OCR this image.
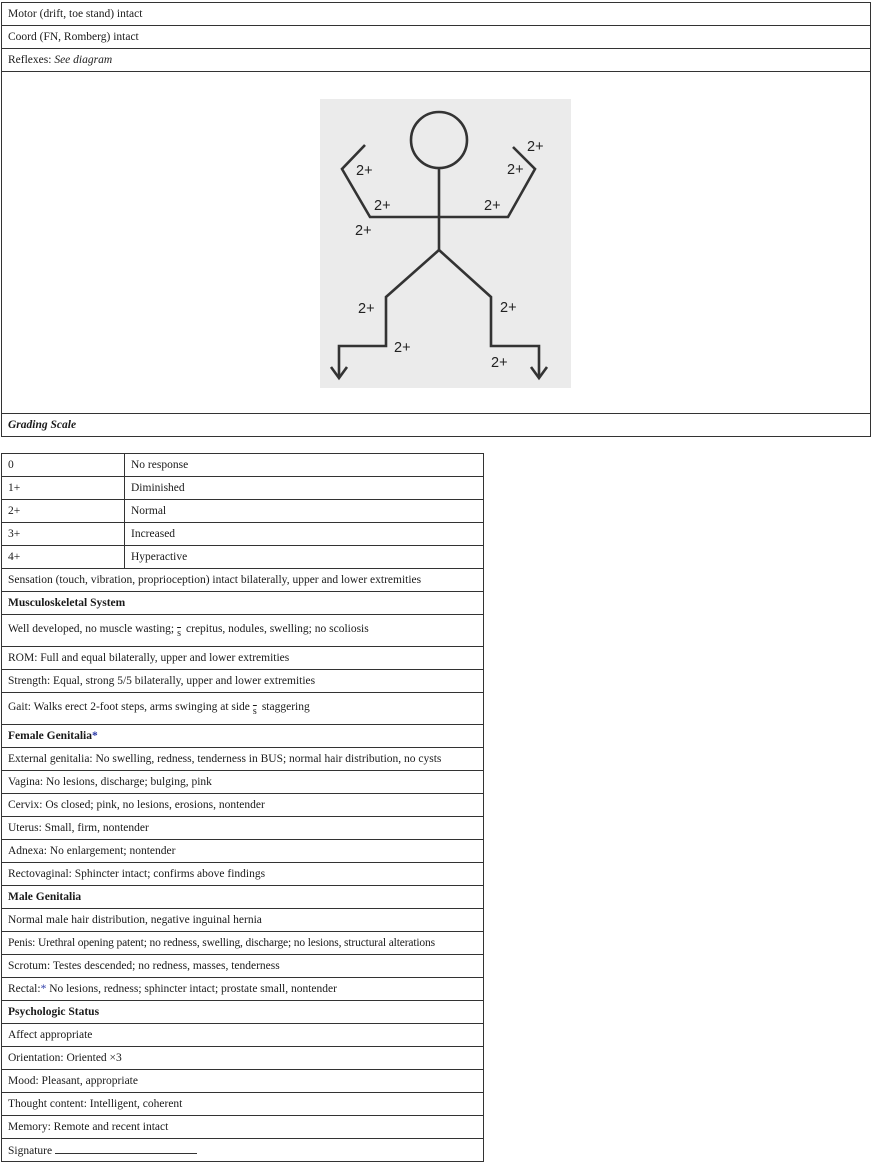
Motor (drift, toe stand) intact
Coord (FN, Romberg) intact
Reflexes: See diagram

Grading Scale
2+
2+
2+
2+
2+
2+
2+
2+
2+
2+
0	No response
1+	Diminished
2+	Normal
3+	Increased
4+	Hyperactive
Sensation (touch, vibration, proprioception) intact bilaterally, upper and lower extremities	
Musculoskeletal System	
Well developed, no muscle wasting; $\overline{s}$ crepitus, nodules, swelling; no scoliosis	
ROM: Full and equal bilaterally, upper and lower extremities	
Strength: Equal, strong 5/5 bilaterally, upper and lower extremities	
Gait: Walks erect 2-foot steps, arms swinging at side $\overline{s}$ staggering	
Female Genitalia*	
External genitalia: No swelling, redness, tenderness in BUS; normal hair distribution, no cysts	
Vagina: No lesions, discharge; bulging, pink	
Cervix: Os closed; pink, no lesions, erosions, nontender	
Uterus: Small, firm, nontender	
Adnexa: No enlargement; nontender	
Rectovaginal: Sphincter intact; confirms above findings	
Male Genitalia	
Normal male hair distribution, negative inguinal hernia	
Penis: Urethral opening patent; no redness, swelling, discharge; no lesions, structural alterations	
Scrotum: Testes descended; no redness, masses, tenderness	
Rectal:* No lesions, redness; sphincter intact; prostate small, nontender	
Psychologic Status	
Affect appropriate	
Orientation: Oriented ×3	
Mood: Pleasant, appropriate	
Thought content: Intelligent, coherent	
Memory: Remote and recent intact	
Signature	
